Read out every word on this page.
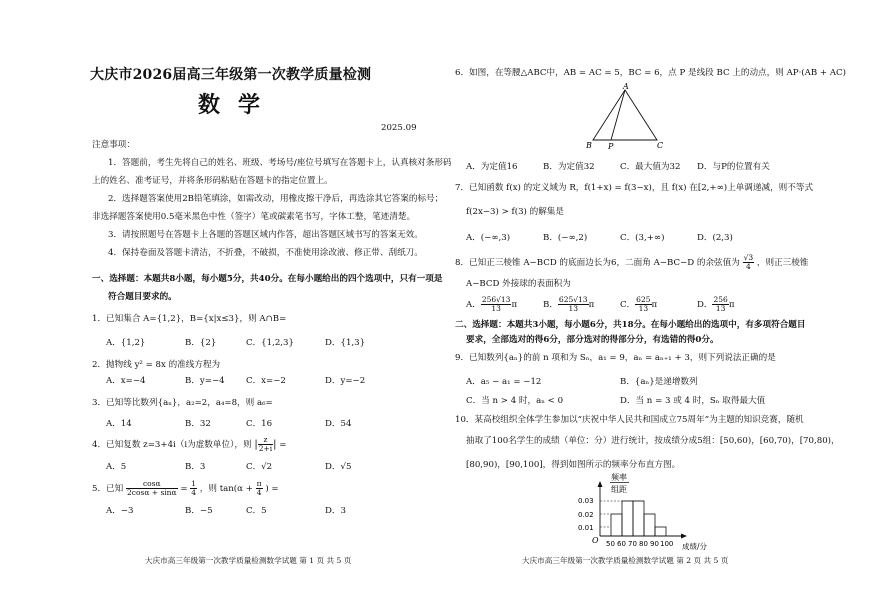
大庆市2026届高三年级第一次教学质量检测
数学
2025.09
注意事项：
1．答题前，考生先将自己的姓名、班级、考场号/座位号填写在答题卡上，认真核对条形码
上的姓名、准考证号，并将条形码粘贴在答题卡的指定位置上。
2．选择题答案使用2B铅笔填涂，如需改动，用橡皮擦干净后，再选涂其它答案的标号；
非选择题答案使用0.5毫米黑色中性（签字）笔或碳素笔书写，字体工整，笔迹清楚。
3．请按照题号在答题卡上各题的答题区域内作答，超出答题区域书写的答案无效。
4．保持卷面及答题卡清洁，不折叠，不破损，不准使用涂改液、修正带、刮纸刀。
一、选择题：本题共8小题，每小题5分，共40分。在每小题给出的四个选项中，只有一项是
符合题目要求的。
1．已知集合 A={1,2}，B={x|x≤3}，则 A∩B=
A．{1,2}	B．{2}	C．{1,2,3}	D．{1,3}
2．抛物线 y² = 8x 的准线方程为
A．x=−4	B．y=−4 C．x=−2	D．y=−2
3．已知等比数列{aₙ}，a₂=2，a₄=8，则 a₆=
A．14	B．32	C．16	D．54
4．已知复数 z=3+4i（i为虚数单位），则 | $\frac{z}{2+i}$ | =
A．5	B．3	C．√2	D．√5
5．已知 $\frac{\cos\alpha}{2\cos\alpha + \sin\alpha} = \frac{1}{4}$ ，则 $\tan(\alpha + \frac{\pi}{4}$ ) =
A．−3	B．−5	C．5	D．3
大庆市高三年级第一次教学质量检测数学试题 第 1 页 共 5 页
6．如图，在等腰△ABC中，AB = AC = 5，BC = 6，点 P 是线段 BC 上的动点，则 AP·(AB + AC)
A
B P	C
A．为定值16	B．为定值32	C．最大值为32 D．与P的位置有关
7．已知函数 f(x) 的定义域为 R，f(1+x) = f(3−x)，且 f(x) 在[2,+∞)上单调递减，则不等式
f(2x−3) > f(3) 的解集是
A．(−∞,3)	B．(−∞,2)	C．(3,+∞)	D．(2,3)
8．已知正三棱锥 A−BCD 的底面边长为6，二面角 A−BC−D 的余弦值为 $\frac{√3}{4}$ ，则正三棱锥
A−BCD 外接球的表面积为
A． $\frac{256√13}{13}$ π	B． $\frac{625√13}{13}$ π	C． $\frac{625}{13}$ π	D． $\frac{256}{13}$ π
二、选择题：本题共3小题，每小题6分，共18分。在每小题给出的选项中，有多项符合题目
要求，全部选对的得6分，部分选对的得部分分，有选错的得0分。
9．已知数列{aₙ}的前 n 项和为 Sₙ，a₁ = 9，aₙ = aₙ₊₁ + 3，则下列说法正确的是
A．a₅ − a₁ = −12	B．{aₙ}是递增数列
C．当 n > 4 时，aₙ < 0	D．当 n = 3 或 4 时，Sₙ 取得最大值
10．某高校组织全体学生参加以“庆祝中华人民共和国成立75周年”为主题的知识竞赛，随机
抽取了100名学生的成绩（单位：分）进行统计，按成绩分成5组：[50,60)，[60,70)，[70,80)，
[80,90)，[90,100]，得到如图所示的频率分布直方图。
频率
组距
0.03
0.02
0.01
O 50 60 70 80 90 100 成绩/分
大庆市高三年级第一次教学质量检测数学试题 第 2 页 共 5 页
